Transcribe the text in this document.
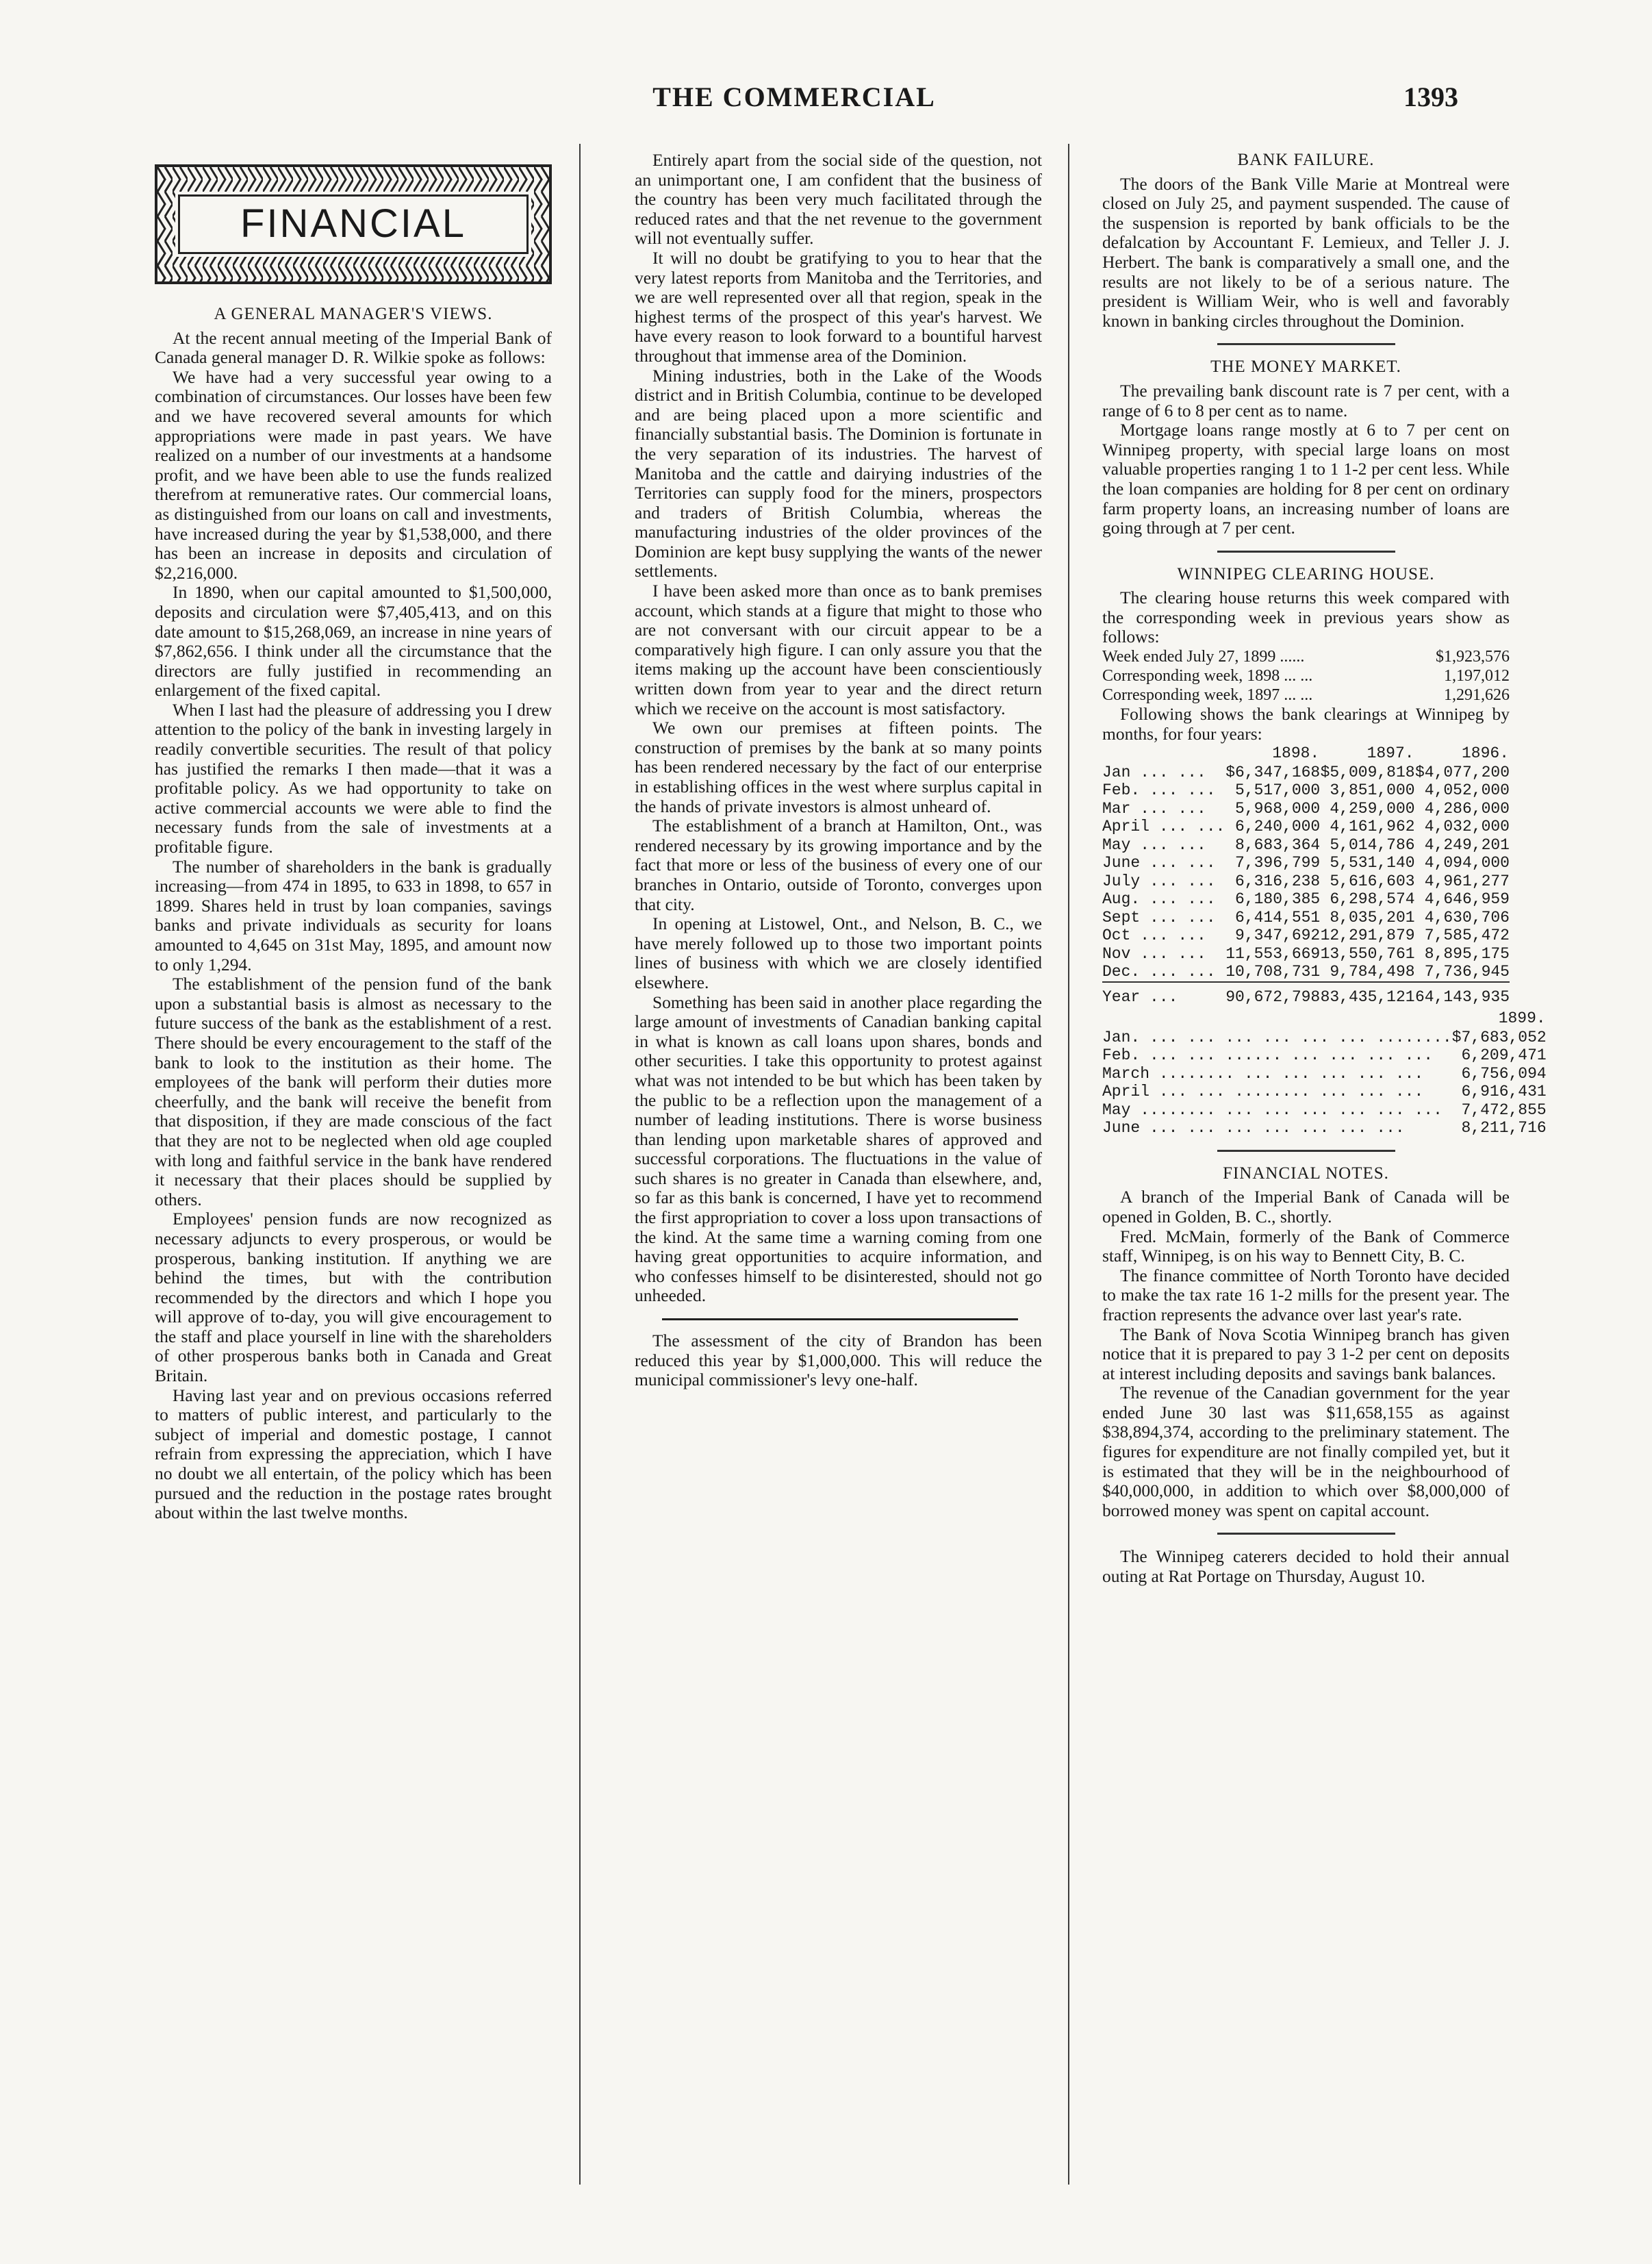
THE COMMERCIAL	1393
FINANCIAL
A GENERAL MANAGER'S VIEWS.

At the recent annual meeting of the Imperial Bank of Canada general manager D. R. Wilkie spoke as follows:

We have had a very successful year owing to a combination of circumstances. Our losses have been few and we have recovered several amounts for which appropriations were made in past years. We have realized on a number of our investments at a handsome profit, and we have been able to use the funds realized therefrom at remunerative rates. Our commercial loans, as distinguished from our loans on call and investments, have increased during the year by $1,538,000, and there has been an increase in deposits and circulation of $2,216,000.

In 1890, when our capital amounted to $1,500,000, deposits and circulation were $7,405,413, and on this date amount to $15,268,069, an increase in nine years of $7,862,656. I think under all the circumstance that the directors are fully justified in recommending an enlargement of the fixed capital.

When I last had the pleasure of addressing you I drew attention to the policy of the bank in investing largely in readily convertible securities. The result of that policy has justified the remarks I then made—that it was a profitable policy. As we had opportunity to take on active commercial accounts we were able to find the necessary funds from the sale of investments at a profitable figure.

The number of shareholders in the bank is gradually increasing—from 474 in 1895, to 633 in 1898, to 657 in 1899. Shares held in trust by loan companies, savings banks and private individuals as security for loans amounted to 4,645 on 31st May, 1895, and amount now to only 1,294.

The establishment of the pension fund of the bank upon a substantial basis is almost as necessary to the future success of the bank as the establishment of a rest. There should be every encouragement to the staff of the bank to look to the institution as their home. The employees of the bank will perform their duties more cheerfully, and the bank will receive the benefit from that disposition, if they are made conscious of the fact that they are not to be neglected when old age coupled with long and faithful service in the bank have rendered it necessary that their places should be supplied by others.

Employees' pension funds are now recognized as necessary adjuncts to every prosperous, or would be prosperous, banking institution. If anything we are behind the times, but with the contribution recommended by the directors and which I hope you will approve of to-day, you will give encouragement to the staff and place yourself in line with the shareholders of other prosperous banks both in Canada and Great Britain.

Having last year and on previous occasions referred to matters of public interest, and particularly to the subject of imperial and domestic postage, I cannot refrain from expressing the appreciation, which I have no doubt we all entertain, of the policy which has been pursued and the reduction in the postage rates brought about within the last twelve months.

Entirely apart from the social side of the question, not an unimportant one, I am confident that the business of the country has been very much facilitated through the reduced rates and that the net revenue to the government will not eventually suffer.

It will no doubt be gratifying to you to hear that the very latest reports from Manitoba and the Territories, and we are well represented over all that region, speak in the highest terms of the prospect of this year's harvest. We have every reason to look forward to a bountiful harvest throughout that immense area of the Dominion.

Mining industries, both in the Lake of the Woods district and in British Columbia, continue to be developed and are being placed upon a more scientific and financially substantial basis. The Dominion is fortunate in the very separation of its industries. The harvest of Manitoba and the cattle and dairying industries of the Territories can supply food for the miners, prospectors and traders of British Columbia, whereas the manufacturing industries of the older provinces of the Dominion are kept busy supplying the wants of the newer settlements.

I have been asked more than once as to bank premises account, which stands at a figure that might to those who are not conversant with our circuit appear to be a comparatively high figure. I can only assure you that the items making up the account have been conscientiously written down from year to year and the direct return which we receive on the account is most satisfactory.

We own our premises at fifteen points. The construction of premises by the bank at so many points has been rendered necessary by the fact of our enterprise in establishing offices in the west where surplus capital in the hands of private investors is almost unheard of.

The establishment of a branch at Hamilton, Ont., was rendered necessary by its growing importance and by the fact that more or less of the business of every one of our branches in Ontario, outside of Toronto, converges upon that city.

In opening at Listowel, Ont., and Nelson, B. C., we have merely followed up to those two important points lines of business with which we are closely identified elsewhere.

Something has been said in another place regarding the large amount of investments of Canadian banking capital in what is known as call loans upon shares, bonds and other securities. I take this opportunity to protest against what was not intended to be but which has been taken by the public to be a reflection upon the management of a number of leading institutions. There is worse business than lending upon marketable shares of approved and successful corporations. The fluctuations in the value of such shares is no greater in Canada than elsewhere, and, so far as this bank is concerned, I have yet to recommend the first appropriation to cover a loss upon transactions of the kind. At the same time a warning coming from one having great opportunities to acquire information, and who confesses himself to be disinterested, should not go unheeded.

The assessment of the city of Brandon has been reduced this year by $1,000,000. This will reduce the municipal commissioner's levy one-half.

BANK FAILURE.

The doors of the Bank Ville Marie at Montreal were closed on July 25, and payment suspended. The cause of the suspension is reported by bank officials to be the defalcation by Accountant F. Lemieux, and Teller J. J. Herbert. The bank is comparatively a small one, and the results are not likely to be of a serious nature. The president is William Weir, who is well and favorably known in banking circles throughout the Dominion.

THE MONEY MARKET.

The prevailing bank discount rate is 7 per cent, with a range of 6 to 8 per cent as to name.

Mortgage loans range mostly at 6 to 7 per cent on Winnipeg property, with special large loans on most valuable properties ranging 1 to 1 1-2 per cent less. While the loan companies are holding for 8 per cent on ordinary farm property loans, an increasing number of loans are going through at 7 per cent.

WINNIPEG CLEARING HOUSE.

The clearing house returns this week compared with the corresponding week in previous years show as follows:

Week ended July 27, 1899 ......	$1,923,576
Corresponding week, 1898 ... ...	1,197,012
Corresponding week, 1897 ... ...	1,291,626

Following shows the bank clearings at Winnipeg by months, for four years:

	1898.	1897.	1896.
Jan ... ...	$6,347,168	$5,009,818	$4,077,200
Feb. ... ...	5,517,000	3,851,000	4,052,000
Mar ... ...	5,968,000	4,259,000	4,286,000
April ... ...	6,240,000	4,161,962	4,032,000
May ... ...	8,683,364	5,014,786	4,249,201
June ... ...	7,396,799	5,531,140	4,094,000
July ... ...	6,316,238	5,616,603	4,961,277
Aug. ... ...	6,180,385	6,298,574	4,646,959
Sept ... ...	6,414,551	8,035,201	4,630,706
Oct ... ...	9,347,692	12,291,879	7,585,472
Nov ... ...	11,553,669	13,550,761	8,895,175
Dec. ... ...	10,708,731	9,784,498	7,736,945
Year ...	90,672,798	83,435,121	64,143,935
	1899.
Jan. ... ... ... ... ... ... ........	$7,683,052
Feb. ... ... ...... ... ... ... ...	6,209,471
March ........ ... ... ... ... ...	6,756,094
April ... ... ........ ... ... ...	6,916,431
May ........ ... ... ... ... ... ...	7,472,855
June ... ... ... ... ... ... ...	8,211,716
FINANCIAL NOTES.

A branch of the Imperial Bank of Canada will be opened in Golden, B. C., shortly.

Fred. McMain, formerly of the Bank of Commerce staff, Winnipeg, is on his way to Bennett City, B. C.

The finance committee of North Toronto have decided to make the tax rate 16 1-2 mills for the present year. The fraction represents the advance over last year's rate.

The Bank of Nova Scotia Winnipeg branch has given notice that it is prepared to pay 3 1-2 per cent on deposits at interest including deposits and savings bank balances.

The revenue of the Canadian government for the year ended June 30 last was $11,658,155 as against $38,894,374, according to the preliminary statement. The figures for expenditure are not finally compiled yet, but it is estimated that they will be in the neighbourhood of $40,000,000, in addition to which over $8,000,000 of borrowed money was spent on capital account.

The Winnipeg caterers decided to hold their annual outing at Rat Portage on Thursday, August 10.
